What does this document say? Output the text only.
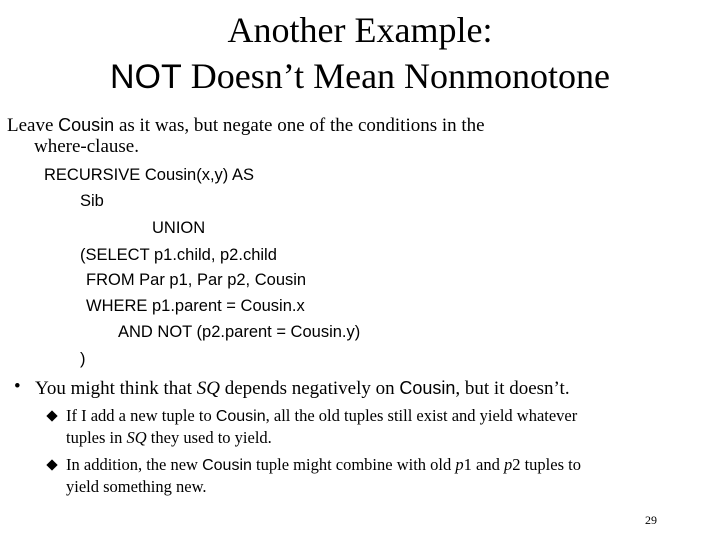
Another Example:
NOT Doesn’t Mean Nonmonotone
Leave Cousin as it was, but negate one of the conditions in the
where-clause.
RECURSIVE Cousin(x,y) AS
Sib
UNION
(SELECT p1.child, p2.child
FROM Par p1, Par p2, Cousin
WHERE p1.parent = Cousin.x
AND NOT (p2.parent = Cousin.y)
)
• You might think that SQ depends negatively on Cousin, but it doesn’t.
If I add a new tuple to Cousin, all the old tuples still exist and yield whatever
tuples in SQ they used to yield.
In addition, the new Cousin tuple might combine with old p1 and p2 tuples to
yield something new.
29
